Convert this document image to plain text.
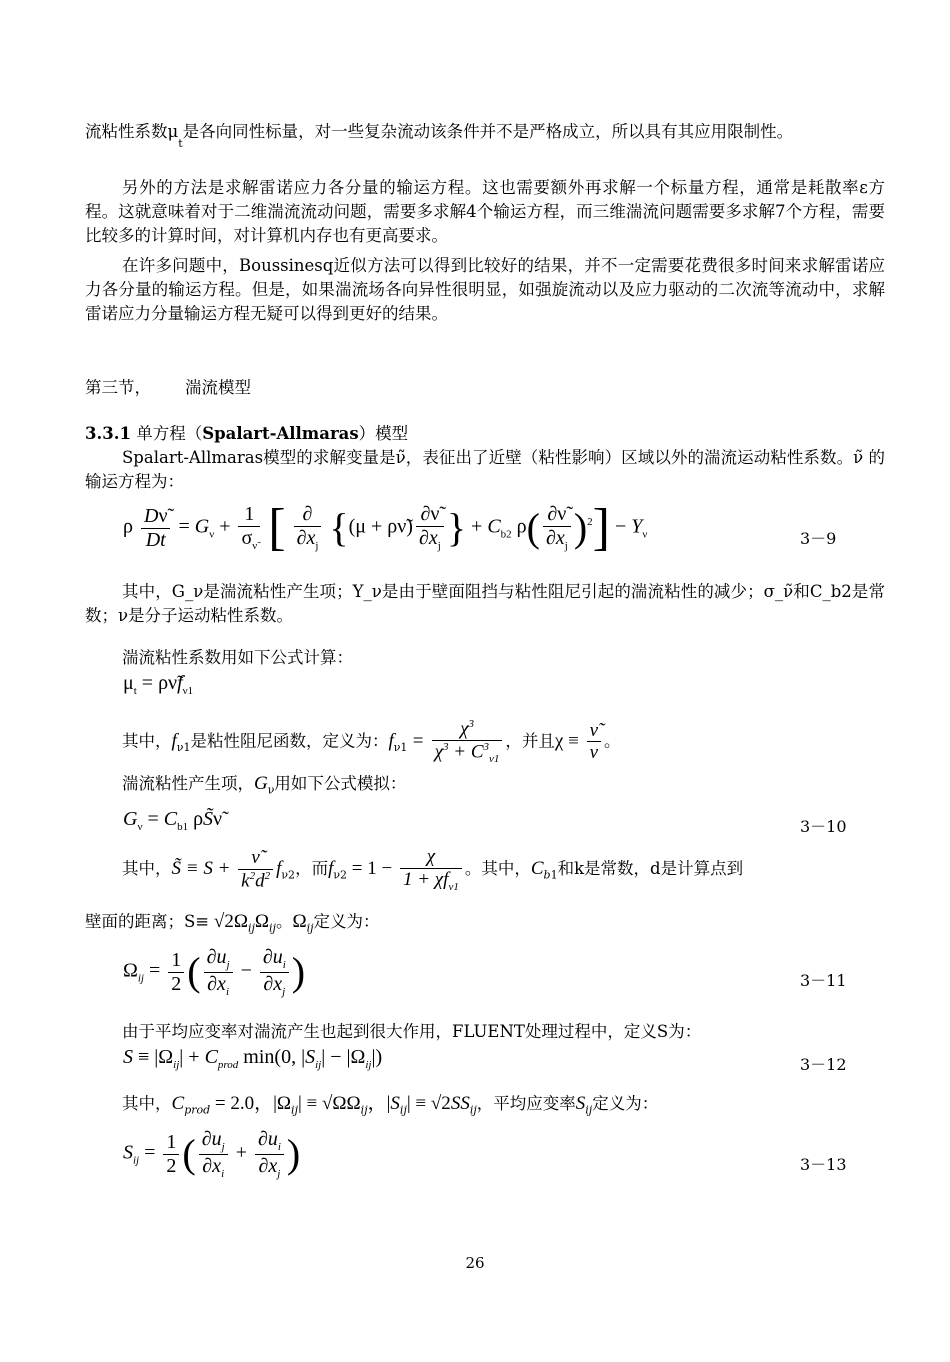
流粘性系数$\mu_t$是各向同性标量，对一些复杂流动该条件并不是严格成立，所以具有其应用限制性。
另外的方法是求解雷诺应力各分量的输运方程。这也需要额外再求解一个标量方程，通常是耗散率ε方程。这就意味着对于二维湍流流动问题，需要多求解4个输运方程，而三维湍流问题需要多求解7个方程，需要比较多的计算时间，对计算机内存也有更高要求。
在许多问题中，Boussinesq近似方法可以得到比较好的结果，并不一定需要花费很多时间来求解雷诺应力各分量的输运方程。但是，如果湍流场各向异性很明显，如强旋流动以及应力驱动的二次流等流动中，求解雷诺应力分量输运方程无疑可以得到更好的结果。
第三节， 湍流模型
3.3.1 单方程（Spalart-Allmaras）模型
Spalart-Allmaras模型的求解变量是ν̃，表征出了近壁（粘性影响）区域以外的湍流运动粘性系数。ν̃ 的输运方程为：
ρ $\frac{D\nũ}{Dt} = G_\nu + \frac{1}{\sigma_{\nũ}}$ [ $\frac{\partial}{\partial x_j} \{(\mu$ + ρν̃) $\frac{\partial\nũ}{\partial x_j}$ } + $C_{b2}$ $\rho( \frac{\partial\nũ}{\partial x_j} )^2] - Y_\nu$	3－9
其中，G_ν是湍流粘性产生项；Y_ν是由于壁面阻挡与粘性阻尼引起的湍流粘性的减少；σ_ν̃和C_b2是常数；ν是分子运动粘性系数。
湍流粘性系数用如下公式计算：
$\mu_t$ = $\rho\nũf_{\nu 1}$
其中，$f_{\nu 1}$是粘性阻尼函数，定义为：$f_{\nu 1} = \frac{\chi^3}{\chi^3 + C^3_{\nu 1}}$ ，并且$\chi \equiv \frac{\nũ}{\nu}$ 。
湍流粘性产生项，$G_\nu$用如下公式模拟：
$G_\nu = C_{b1}$ ρS̃ν̃	3－10
其中，S̃ ≡ $S + \frac{\nũ}{k^2d^2} f_{\nu 2}$，而$f_{\nu 2} = 1 - \frac{\chi}{1 + \chi f_{\nu 1}}$ 。其中，$C_{b1}$和k是常数，d是计算点到
壁面的距离；$S\equiv √2\Omega_{ij}\Omega_{ij}$。$\Omega_{ij}$定义为：
$\Omega_{ij} = \frac{1}{2}$ ( $\frac{\partial u_j}{\partial x_i} - \frac{\partial u_i}{\partial x_j}$ )	3－11
由于平均应变率对湍流产生也起到很大作用，FLUENT处理过程中，定义S为：
$S \equiv |\Omega_{ij}| + C_{prod}$ min(0, $|S_{ij}| - |\Omega_{ij}|$)	3－12
其中，$C_{prod} = 2.0$，$|\Omega_{ij}| \equiv √\Omega\Omega_{ij}$，$|S_{ij}| \equiv √2SS_{ij}$，平均应变率$S_{ij}$定义为：
$S_{ij} = \frac{1}{2}$ ( $\frac{\partial u_j}{\partial x_i} + \frac{\partial u_i}{\partial x_j}$ )	3－13
26
